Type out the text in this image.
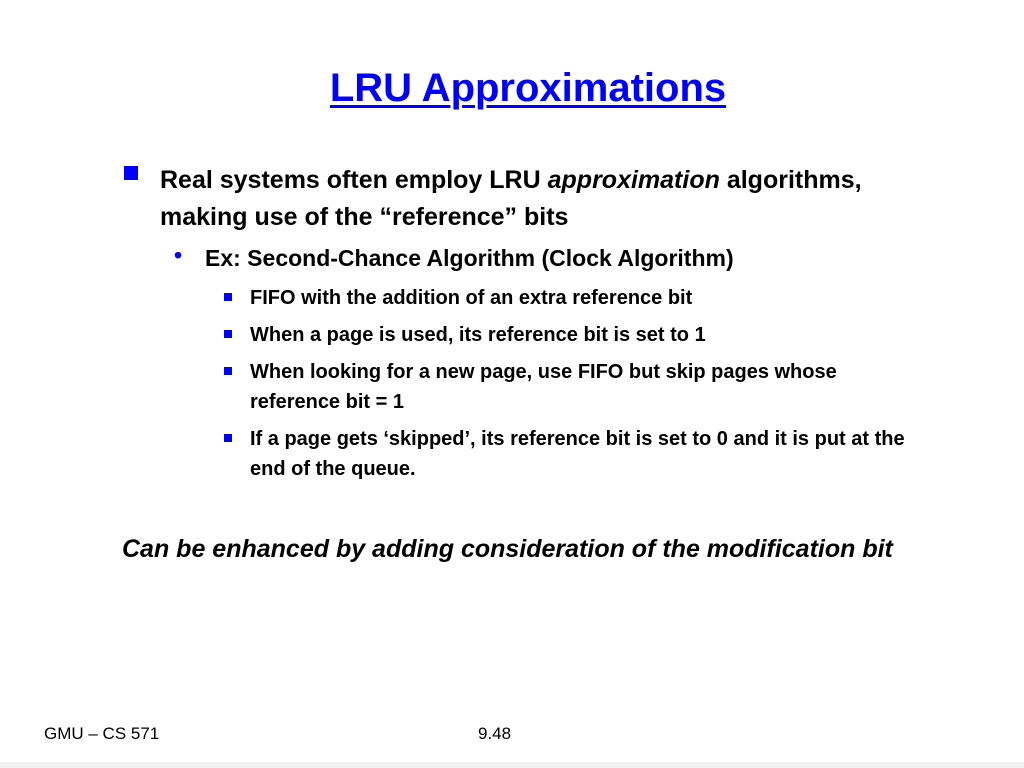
LRU Approximations
Real systems often employ LRU approximation algorithms, making use of the “reference” bits
• Ex: Second-Chance Algorithm (Clock Algorithm)
FIFO with the addition of an extra reference bit
When a page is used, its reference bit is set to 1
When looking for a new page, use FIFO but skip pages whose reference bit = 1
If a page gets ‘skipped’, its reference bit is set to 0 and it is put at the end of the queue.
Can be enhanced by adding consideration of the modification bit
GMU – CS 571	9.48
